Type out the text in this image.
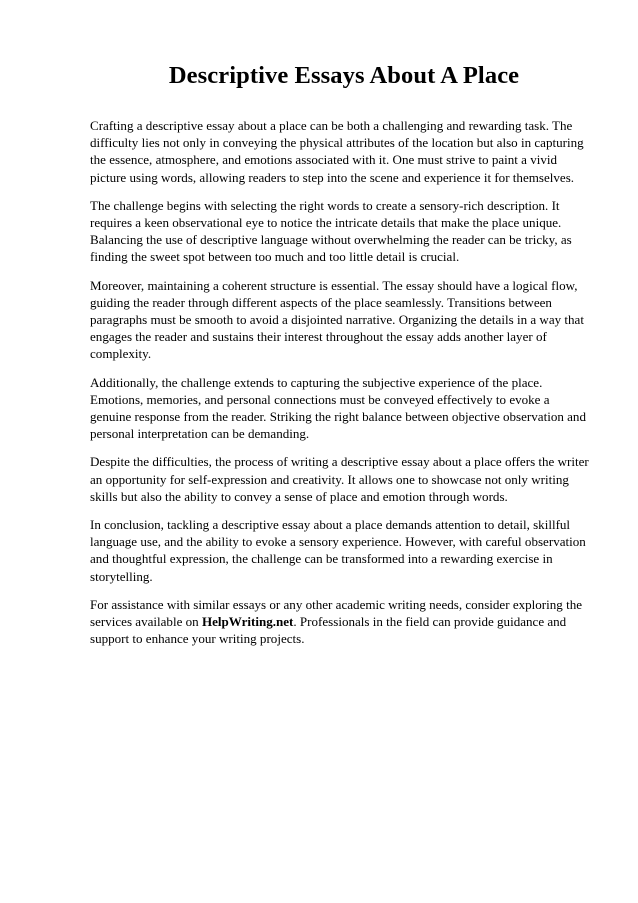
Descriptive Essays About A Place

Crafting a descriptive essay about a place can be both a challenging and rewarding task. The difficulty lies not only in conveying the physical attributes of the location but also in capturing the essence, atmosphere, and emotions associated with it. One must strive to paint a vivid picture using words, allowing readers to step into the scene and experience it for themselves.

The challenge begins with selecting the right words to create a sensory-rich description. It requires a keen observational eye to notice the intricate details that make the place unique. Balancing the use of descriptive language without overwhelming the reader can be tricky, as finding the sweet spot between too much and too little detail is crucial.

Moreover, maintaining a coherent structure is essential. The essay should have a logical flow, guiding the reader through different aspects of the place seamlessly. Transitions between paragraphs must be smooth to avoid a disjointed narrative. Organizing the details in a way that engages the reader and sustains their interest throughout the essay adds another layer of complexity.

Additionally, the challenge extends to capturing the subjective experience of the place. Emotions, memories, and personal connections must be conveyed effectively to evoke a genuine response from the reader. Striking the right balance between objective observation and personal interpretation can be demanding.

Despite the difficulties, the process of writing a descriptive essay about a place offers the writer an opportunity for self-expression and creativity. It allows one to showcase not only writing skills but also the ability to convey a sense of place and emotion through words.

In conclusion, tackling a descriptive essay about a place demands attention to detail, skillful language use, and the ability to evoke a sensory experience. However, with careful observation and thoughtful expression, the challenge can be transformed into a rewarding exercise in storytelling.

For assistance with similar essays or any other academic writing needs, consider exploring the services available on HelpWriting.net. Professionals in the field can provide guidance and support to enhance your writing projects.
